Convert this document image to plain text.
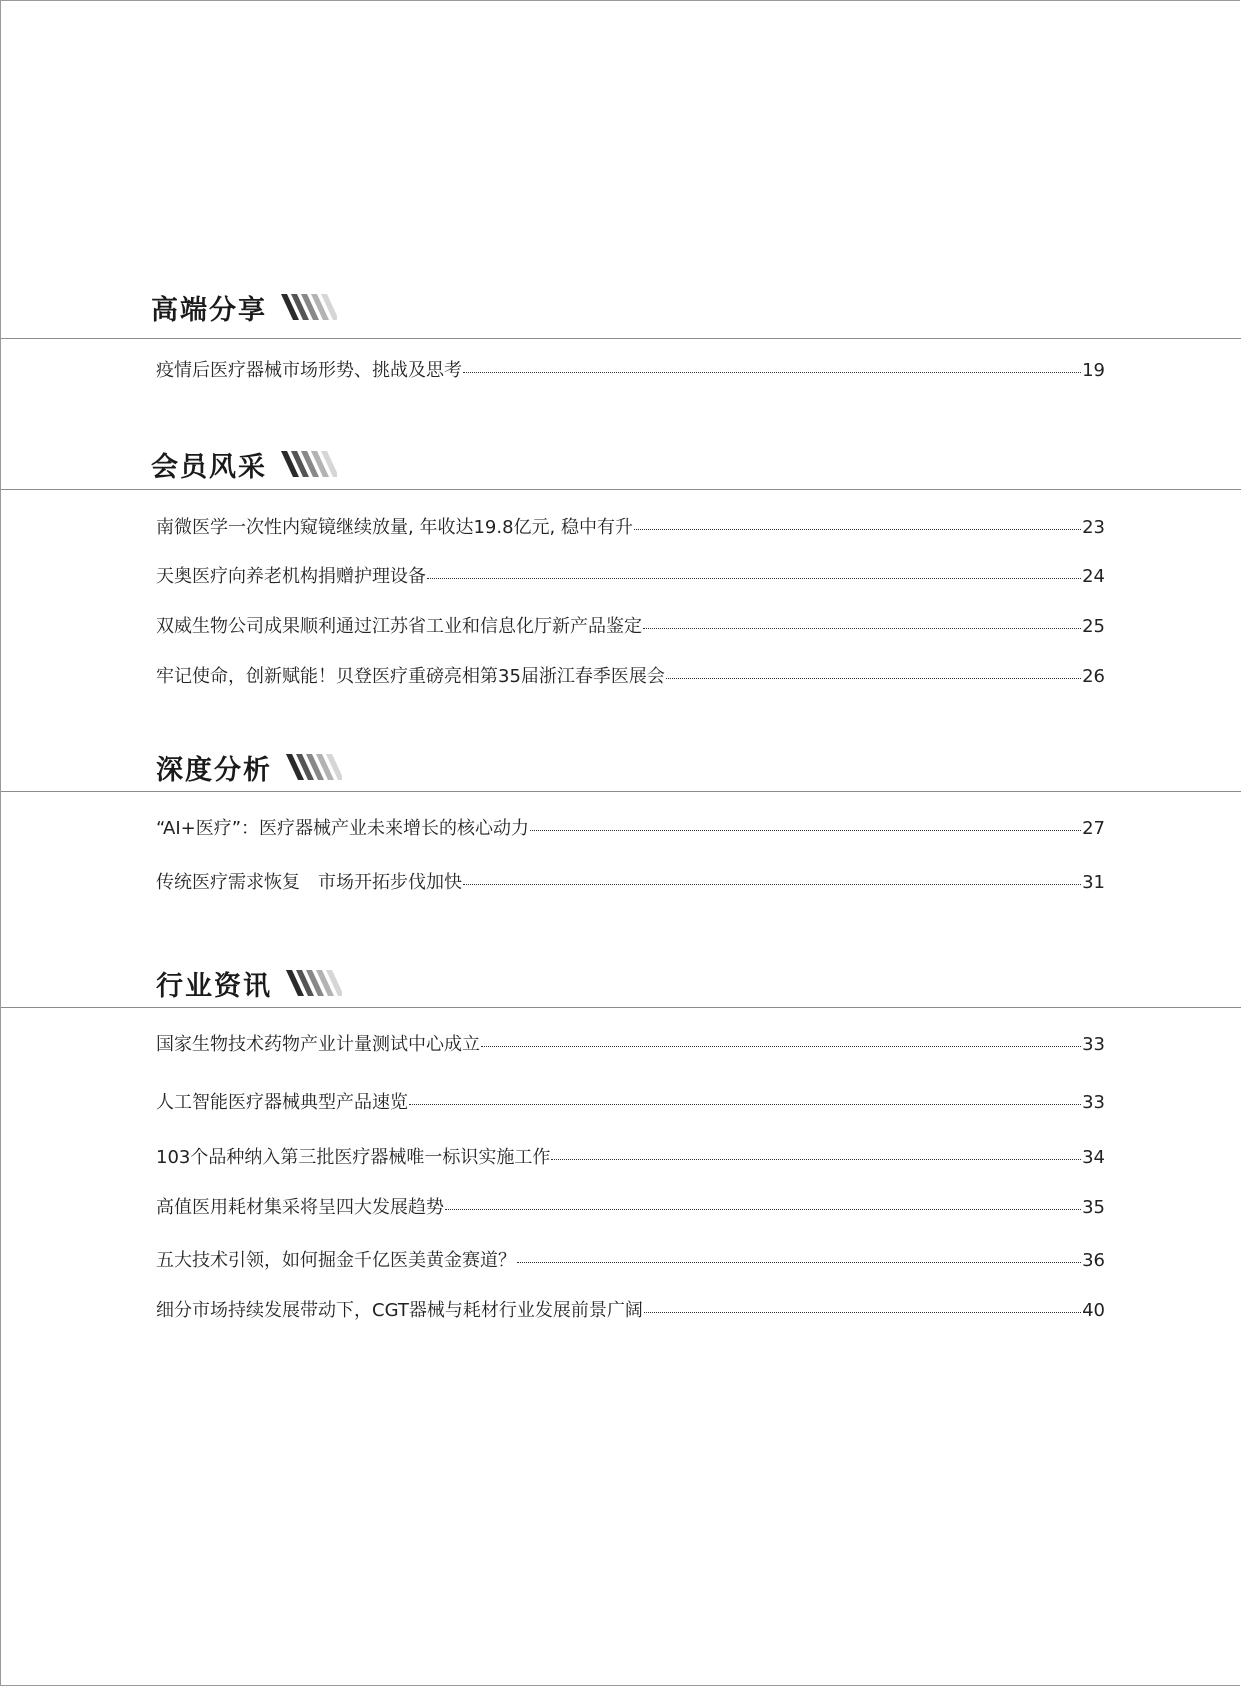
高端分享
疫情后医疗器械市场形势、挑战及思考	19
会员风采
南微医学一次性内窥镜继续放量, 年收达19.8亿元, 稳中有升	23
天奥医疗向养老机构捐赠护理设备	24
双威生物公司成果顺利通过江苏省工业和信息化厅新产品鉴定	25
牢记使命，创新赋能！贝登医疗重磅亮相第35届浙江春季医展会	26
深度分析
“AI+医疗”：医疗器械产业未来增长的核心动力	27
传统医疗需求恢复　市场开拓步伐加快	31
行业资讯
国家生物技术药物产业计量测试中心成立	33
人工智能医疗器械典型产品速览	33
103个品种纳入第三批医疗器械唯一标识实施工作	34
高值医用耗材集采将呈四大发展趋势	35
五大技术引领，如何掘金千亿医美黄金赛道？	36
细分市场持续发展带动下，CGT器械与耗材行业发展前景广阔	40
